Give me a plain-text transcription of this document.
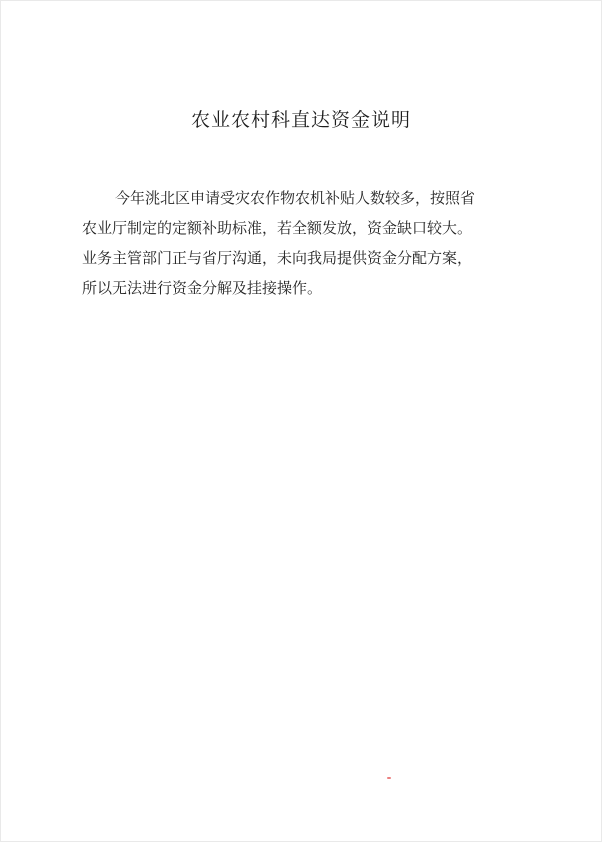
农业农村科直达资金说明

今年洮北区申请受灾农作物农机补贴人数较多，按照省

农业厅制定的定额补助标准，若全额发放，资金缺口较大。

业务主管部门正与省厅沟通，未向我局提供资金分配方案，

所以无法进行资金分解及挂接操作。
